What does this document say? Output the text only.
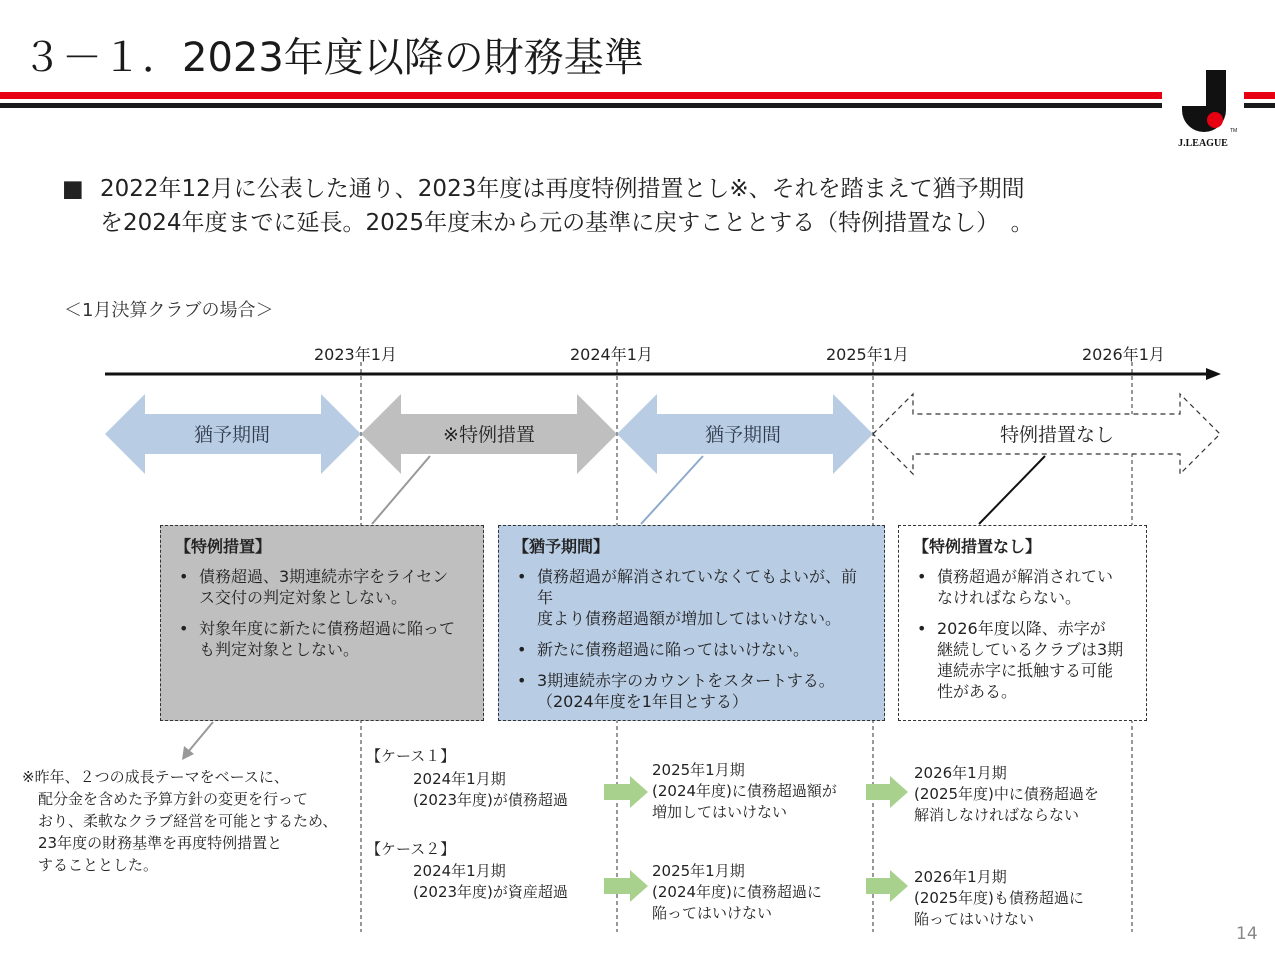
３－１．2023年度以降の財務基準
TM
J.LEAGUE
■ 2022年12月に公表した通り、2023年度は再度特例措置とし※、それを踏まえて猶予期間
を2024年度までに延長。2025年度末から元の基準に戻すこととする（特例措置なし）　。
＜1月決算クラブの場合＞
猶予期間	※特例措置	猶予期間	特例措置なし
2023年1月	2024年1月	2025年1月	2026年1月
【特例措置】
• 債務超過、3期連続赤字をライセン
ス交付の判定対象としない。
• 対象年度に新たに債務超過に陥って
も判定対象としない。
【猶予期間】
• 債務超過が解消されていなくてもよいが、前年
度より債務超過額が増加してはいけない。
• 新たに債務超過に陥ってはいけない。
• 3期連続赤字のカウントをスタートする。
（2024年度を1年目とする）
【特例措置なし】
• 債務超過が解消されてい
なければならない。
• 2026年度以降、赤字が
継続しているクラブは3期
連続赤字に抵触する可能
性がある。
※昨年、２つの成長テーマをベースに、
配分金を含めた予算方針の変更を行って
おり、柔軟なクラブ経営を可能とするため、
23年度の財務基準を再度特例措置と
することとした。
【ケース１】
2024年1月期
(2023年度)が債務超過
2025年1月期
(2024年度)に債務超過額が
増加してはいけない
2026年1月期
(2025年度)中に債務超過を
解消しなければならない
【ケース２】
2024年1月期
(2023年度)が資産超過
2025年1月期
(2024年度)に債務超過に
陥ってはいけない
2026年1月期
(2025年度)も債務超過に
陥ってはいけない
14
